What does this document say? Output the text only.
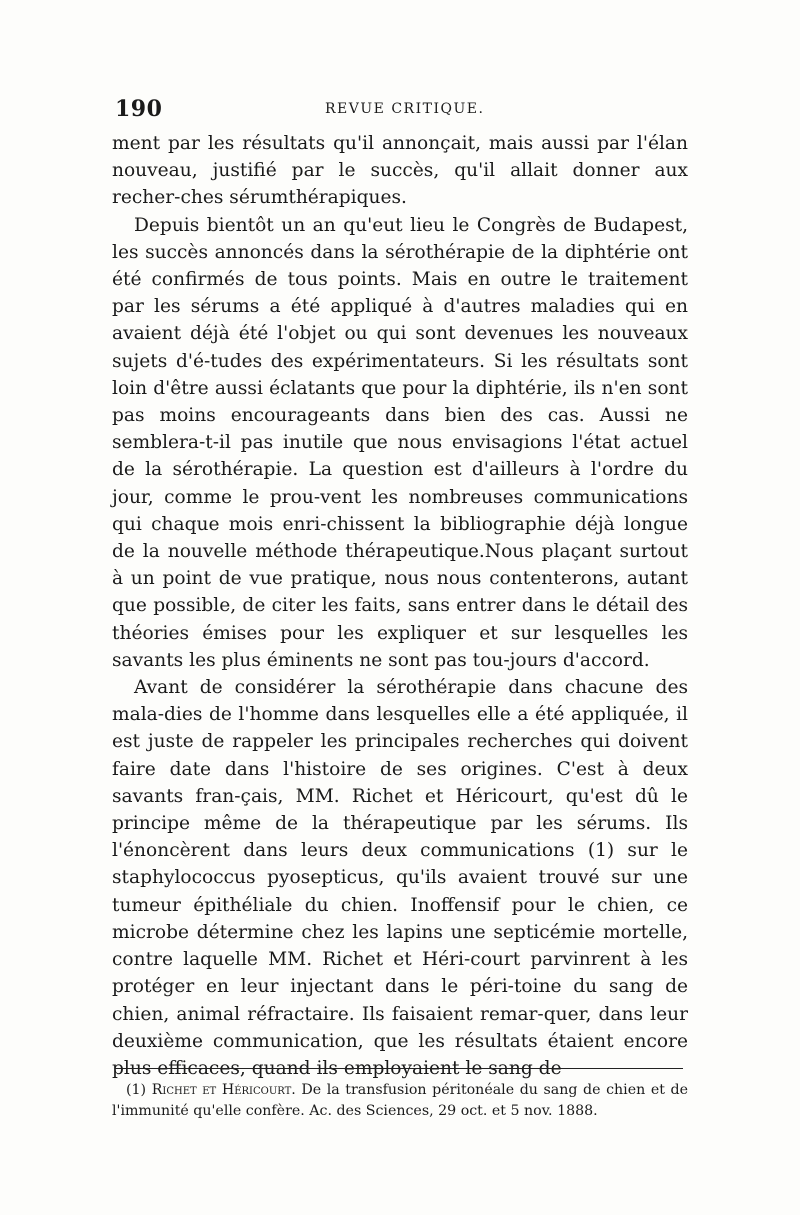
190	REVUE CRITIQUE.

ment par les résultats qu'il annonçait, mais aussi par l'élan nouveau, justifié par le succès, qu'il allait donner aux recher-ches sérumthérapiques.

Depuis bientôt un an qu'eut lieu le Congrès de Budapest, les succès annoncés dans la sérothérapie de la diphtérie ont été confirmés de tous points. Mais en outre le traitement par les sérums a été appliqué à d'autres maladies qui en avaient déjà été l'objet ou qui sont devenues les nouveaux sujets d'é-tudes des expérimentateurs. Si les résultats sont loin d'être aussi éclatants que pour la diphtérie, ils n'en sont pas moins encourageants dans bien des cas. Aussi ne semblera-t-il pas inutile que nous envisagions l'état actuel de la sérothérapie. La question est d'ailleurs à l'ordre du jour, comme le prou-vent les nombreuses communications qui chaque mois enri-chissent la bibliographie déjà longue de la nouvelle méthode thérapeutique.Nous plaçant surtout à un point de vue pratique, nous nous contenterons, autant que possible, de citer les faits, sans entrer dans le détail des théories émises pour les expliquer et sur lesquelles les savants les plus éminents ne sont pas tou-jours d'accord.

Avant de considérer la sérothérapie dans chacune des mala-dies de l'homme dans lesquelles elle a été appliquée, il est juste de rappeler les principales recherches qui doivent faire date dans l'histoire de ses origines. C'est à deux savants fran-çais, MM. Richet et Héricourt, qu'est dû le principe même de la thérapeutique par les sérums. Ils l'énoncèrent dans leurs deux communications (1) sur le staphylococcus pyosepticus, qu'ils avaient trouvé sur une tumeur épithéliale du chien. Inoffensif pour le chien, ce microbe détermine chez les lapins une septicémie mortelle, contre laquelle MM. Richet et Héri-court parvinrent à les protéger en leur injectant dans le péri-toine du sang de chien, animal réfractaire. Ils faisaient remar-quer, dans leur deuxième communication, que les résultats étaient encore plus efficaces, quand ils employaient le sang de

(1) Richet et Héricourt. De la transfusion péritonéale du sang de chien et de l'immunité qu'elle confère. Ac. des Sciences, 29 oct. et 5 nov. 1888.
